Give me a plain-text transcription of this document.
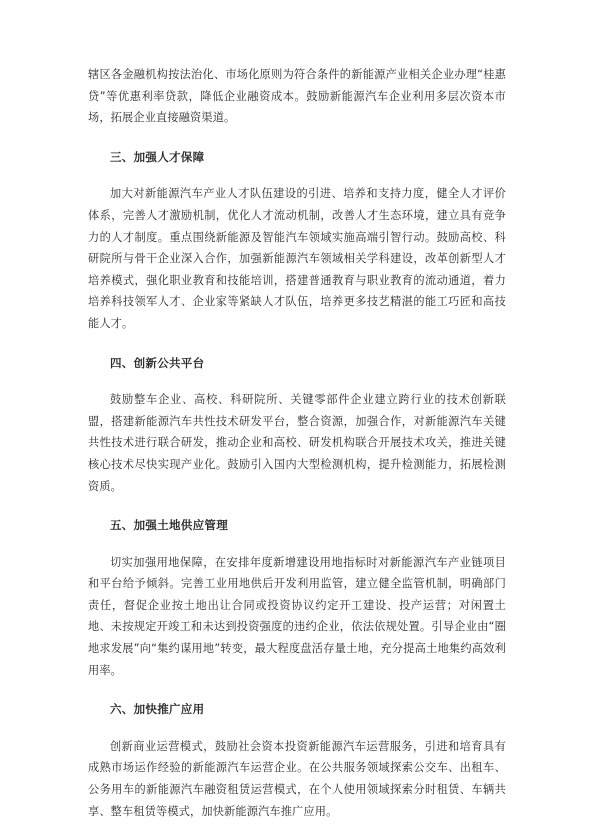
辖区各金融机构按法治化、市场化原则为符合条件的新能源产业相关企业办理“桂惠贷”等优惠利率贷款，降低企业融资成本。鼓励新能源汽车企业利用多层次资本市场，拓展企业直接融资渠道。

三、加强人才保障

加大对新能源汽车产业人才队伍建设的引进、培养和支持力度，健全人才评价体系，完善人才激励机制，优化人才流动机制，改善人才生态环境，建立具有竞争力的人才制度。重点围绕新能源及智能汽车领域实施高端引智行动。鼓励高校、科研院所与骨干企业深入合作，加强新能源汽车领域相关学科建设，改革创新型人才培养模式，强化职业教育和技能培训，搭建普通教育与职业教育的流动通道，着力培养科技领军人才、企业家等紧缺人才队伍，培养更多技艺精湛的能工巧匠和高技能人才。

四、创新公共平台

鼓励整车企业、高校、科研院所、关键零部件企业建立跨行业的技术创新联盟，搭建新能源汽车共性技术研发平台，整合资源，加强合作，对新能源汽车关键共性技术进行联合研发，推动企业和高校、研发机构联合开展技术攻关，推进关键核心技术尽快实现产业化。鼓励引入国内大型检测机构，提升检测能力，拓展检测资质。

五、加强土地供应管理

切实加强用地保障，在安排年度新增建设用地指标时对新能源汽车产业链项目和平台给予倾斜。完善工业用地供后开发利用监管，建立健全监管机制，明确部门责任，督促企业按土地出让合同或投资协议约定开工建设、投产运营；对闲置土地、未按规定开竣工和未达到投资强度的违约企业，依法依规处置。引导企业由“圈地求发展”向“集约谋用地”转变，最大程度盘活存量土地，充分提高土地集约高效利用率。

六、加快推广应用

创新商业运营模式，鼓励社会资本投资新能源汽车运营服务，引进和培育具有成熟市场运作经验的新能源汽车运营企业。在公共服务领域探索公交车、出租车、公务用车的新能源汽车融资租赁运营模式，在个人使用领域探索分时租赁、车辆共享、整车租赁等模式，加快新能源汽车推广应用。
